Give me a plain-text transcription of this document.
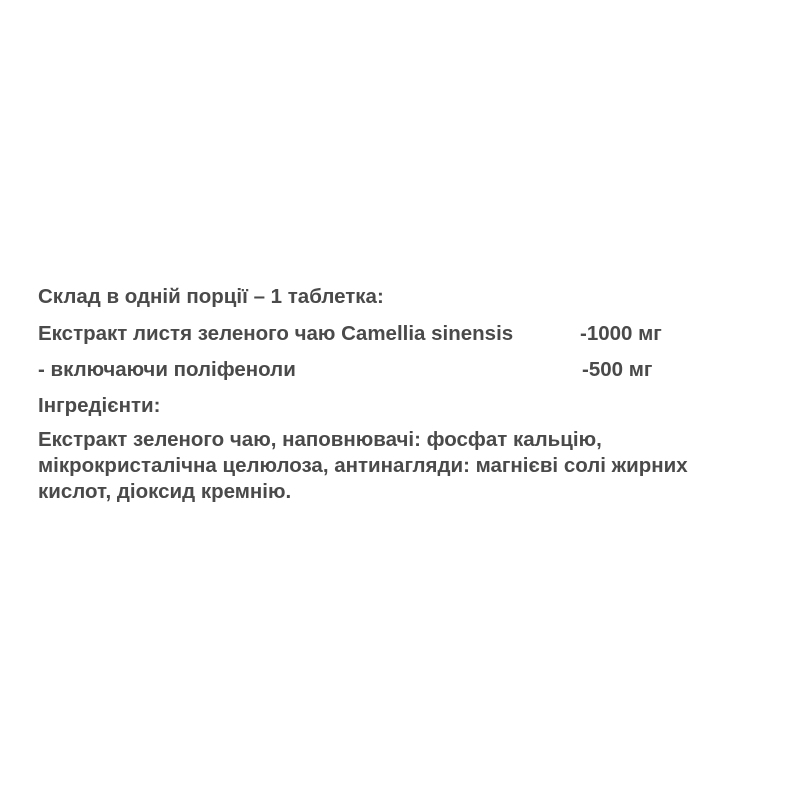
Склад в одній порції – 1 таблетка:
Екстракт листя зеленого чаю Camellia sinensis	-1000 мг
- включаючи поліфеноли	-500 мг
Інгредієнти:
Екстракт зеленого чаю, наповнювачі: фосфат кальцію,
мікрокристалічна целюлоза, антинагляди: магнієві солі жирних
кислот, діоксид кремнію.
